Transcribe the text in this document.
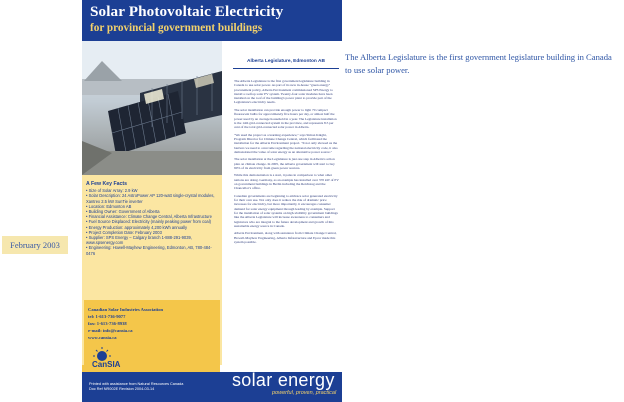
February 2003
The Alberta Legislature is the first government legislature building in Canada to use solar power.
Solar Photovoltaic Electricity
for provincial government buildings
A Few Key Facts
• Size of Solar Array: 2.9 kW
• Solar Description: 24 AstroPower AP 120-watt single-crystal modules, Xantrex 2.5 kW SunTie inverter
• Location: Edmonton AB
• Building Owner: Government of Alberta
• Financial Assistance: Climate Change Central, Alberta Infrastructure
• Fuel Source Displaced: Electricity (mainly peaking power from coal)
• Energy Production: approximately 4,200 kWh annually
• Project Completion Date: February 2003
• Supplier: SPS Energy – Calgary branch 1-888-291-9039, www.spsenergy.com
• Engineering: Howell-Mayhew Engineering, Edmonton, AB, 780-484-0476
Canadian Solar Industries Association
tel: 1-613-736-9077
fax: 1-613-736-8938
e-mail: info@cansia.ca
www.cansia.ca
CanSIA
Alberta Legislature, Edmonton AB

The Alberta Legislature is the first government legislature building in Canada to use solar power. As part of its new in-house "green energy" procurement policy, Alberta Environment commissioned SPS Energy to install a rooftop solar PV system. Twenty-four solar modules have been installed on the roof of the building's power plant to provide part of the Legislature's electricity needs.

The solar installation can provide enough power to light 70 compact fluorescent bulbs for approximately five hours per day, or almost half the power used by an average household in a year. The Legislature installation is the 14th grid-connected system in the province, and represents 8.5 per cent of the total grid-connected solar power in Alberta.

"We used the project as a learning experience," says Simon Knight, Program Director for Climate Change Central, which facilitated the installation for the Alberta Environment project. "It not only showed us the barriers we need to overcome regarding the national electricity code, it also demonstrated the value of solar energy as an alternative power source."

The solar installation at the Legislature is just one step in Alberta's action plan on climate change. In 2005, the Alberta government will start to buy 90% of its electricity from green power sources.

While this demonstration is a start, it pales in comparison to what other nations are doing. Germany, as an example has installed over 370 kW of PV on government buildings in Berlin including the Reichstag and the Chancellor's office.

Canadian governments are beginning to embrace solar generated electricity for their own use. Not only does it reduce the risk of dramatic price increases for electricity, but more importantly, it encourages consumer demand for solar energy equipment through leading by example. Support for the installation of solar systems on high-visibility government buildings like the Alberta Legislature will increase awareness to consumers and legislators who are integral to the future development and growth of this sustainable energy source in Canada.

Alberta Environment, along with assistance from Climate Change Central, Howell-Mayhew Engineering, Alberta Infrastructure and Epcor made this system possible.

Printed with assistance from Natural Resources Canada
Doc Ref NR002E Revision 2004-03-14	solar energy
powerful, proven, practical
